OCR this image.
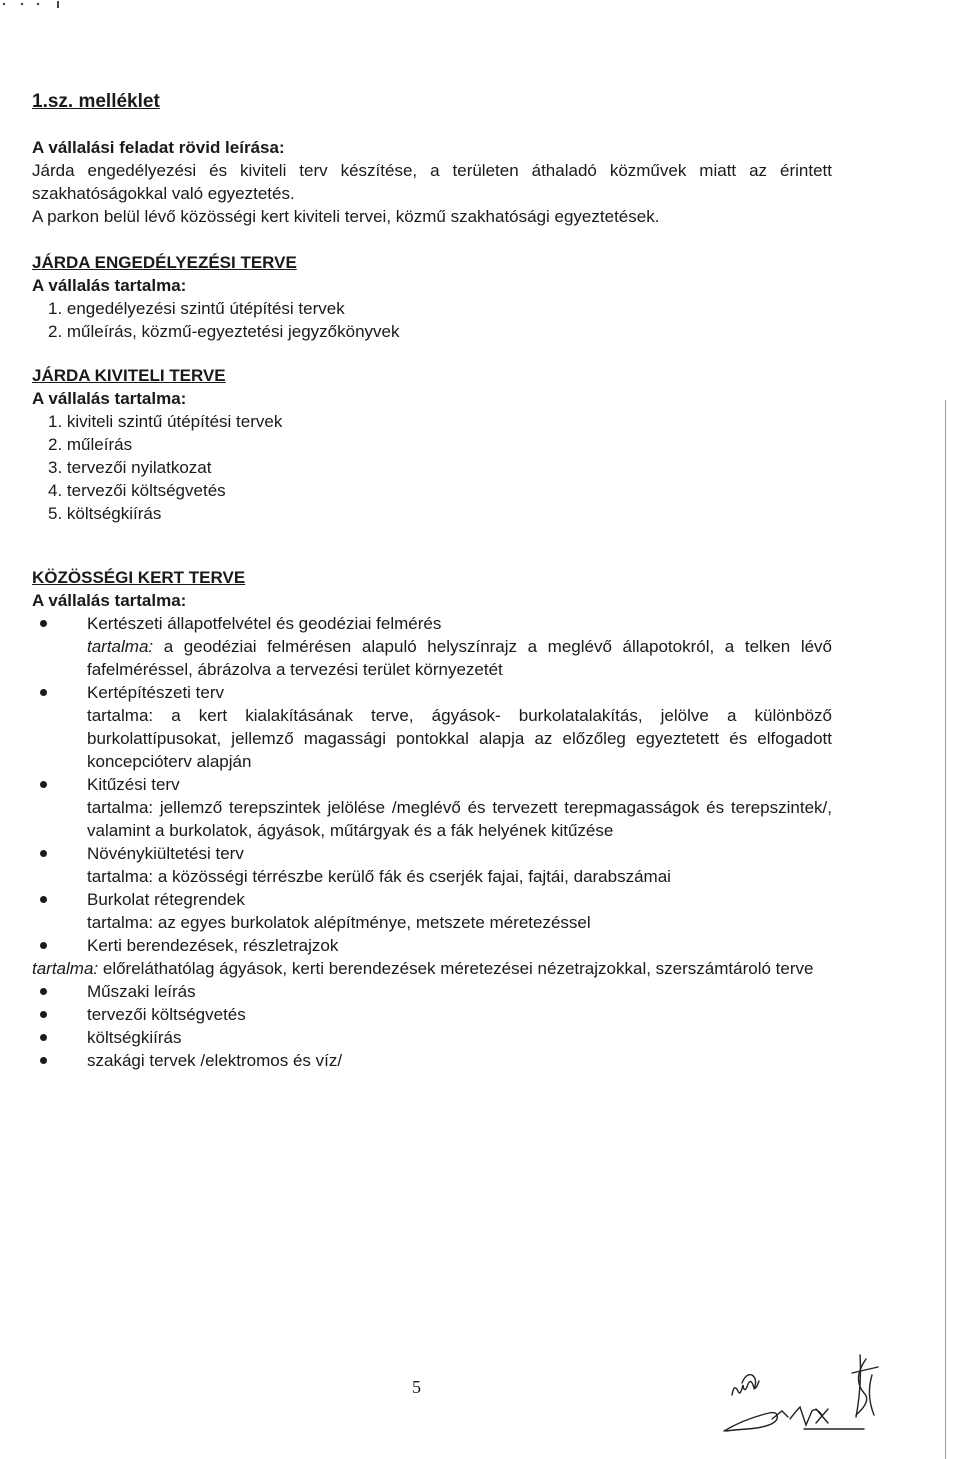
1.sz. melléklet

A vállalási feladat rövid leírása:

Járda engedélyezési és kiviteli terv készítése, a területen áthaladó közművek miatt az érintett szakhatóságokkal való egyeztetés.

A parkon belül lévő közösségi kert kiviteli tervei, közmű szakhatósági egyeztetések.

JÁRDA ENGEDÉLYEZÉSI TERVE

A vállalás tartalma:

1. engedélyezési szintű útépítési tervek
2. műleírás, közmű-egyeztetési jegyzőkönyvek

JÁRDA KIVITELI TERVE

A vállalás tartalma:

1. kiviteli szintű útépítési tervek
2. műleírás
3. tervezői nyilatkozat
4. tervezői költségvetés
5. költségkiírás

KÖZÖSSÉGI KERT TERVE

A vállalás tartalma:

Kertészeti állapotfelvétel és geodéziai felmérés
tartalma: a geodéziai felmérésen alapuló helyszínrajz a meglévő állapotokról, a telken lévő fafelméréssel, ábrázolva a tervezési terület környezetét
Kertépítészeti terv
tartalma: a kert kialakításának terve, ágyások- burkolatalakítás, jelölve a különböző burkolattípusokat, jellemző magassági pontokkal alapja az előzőleg egyeztetett és elfogadott koncepcióterv alapján
Kitűzési terv
tartalma: jellemző terepszintek jelölése /meglévő és tervezett terepmagasságok és terepszintek/, valamint a burkolatok, ágyások, műtárgyak és a fák helyének kitűzése
Növénykiültetési terv
tartalma: a közösségi térrészbe kerülő fák és cserjék fajai, fajtái, darabszámai
Burkolat rétegrendek
tartalma: az egyes burkolatok alépítménye, metszete méretezéssel
Kerti berendezések, részletrajzok
tartalma: előreláthatólag ágyások, kerti berendezések méretezései nézetrajzokkal, szerszámtároló terve
Műszaki leírás
tervezői költségvetés
költségkiírás
szakági tervek /elektromos és víz/
5
